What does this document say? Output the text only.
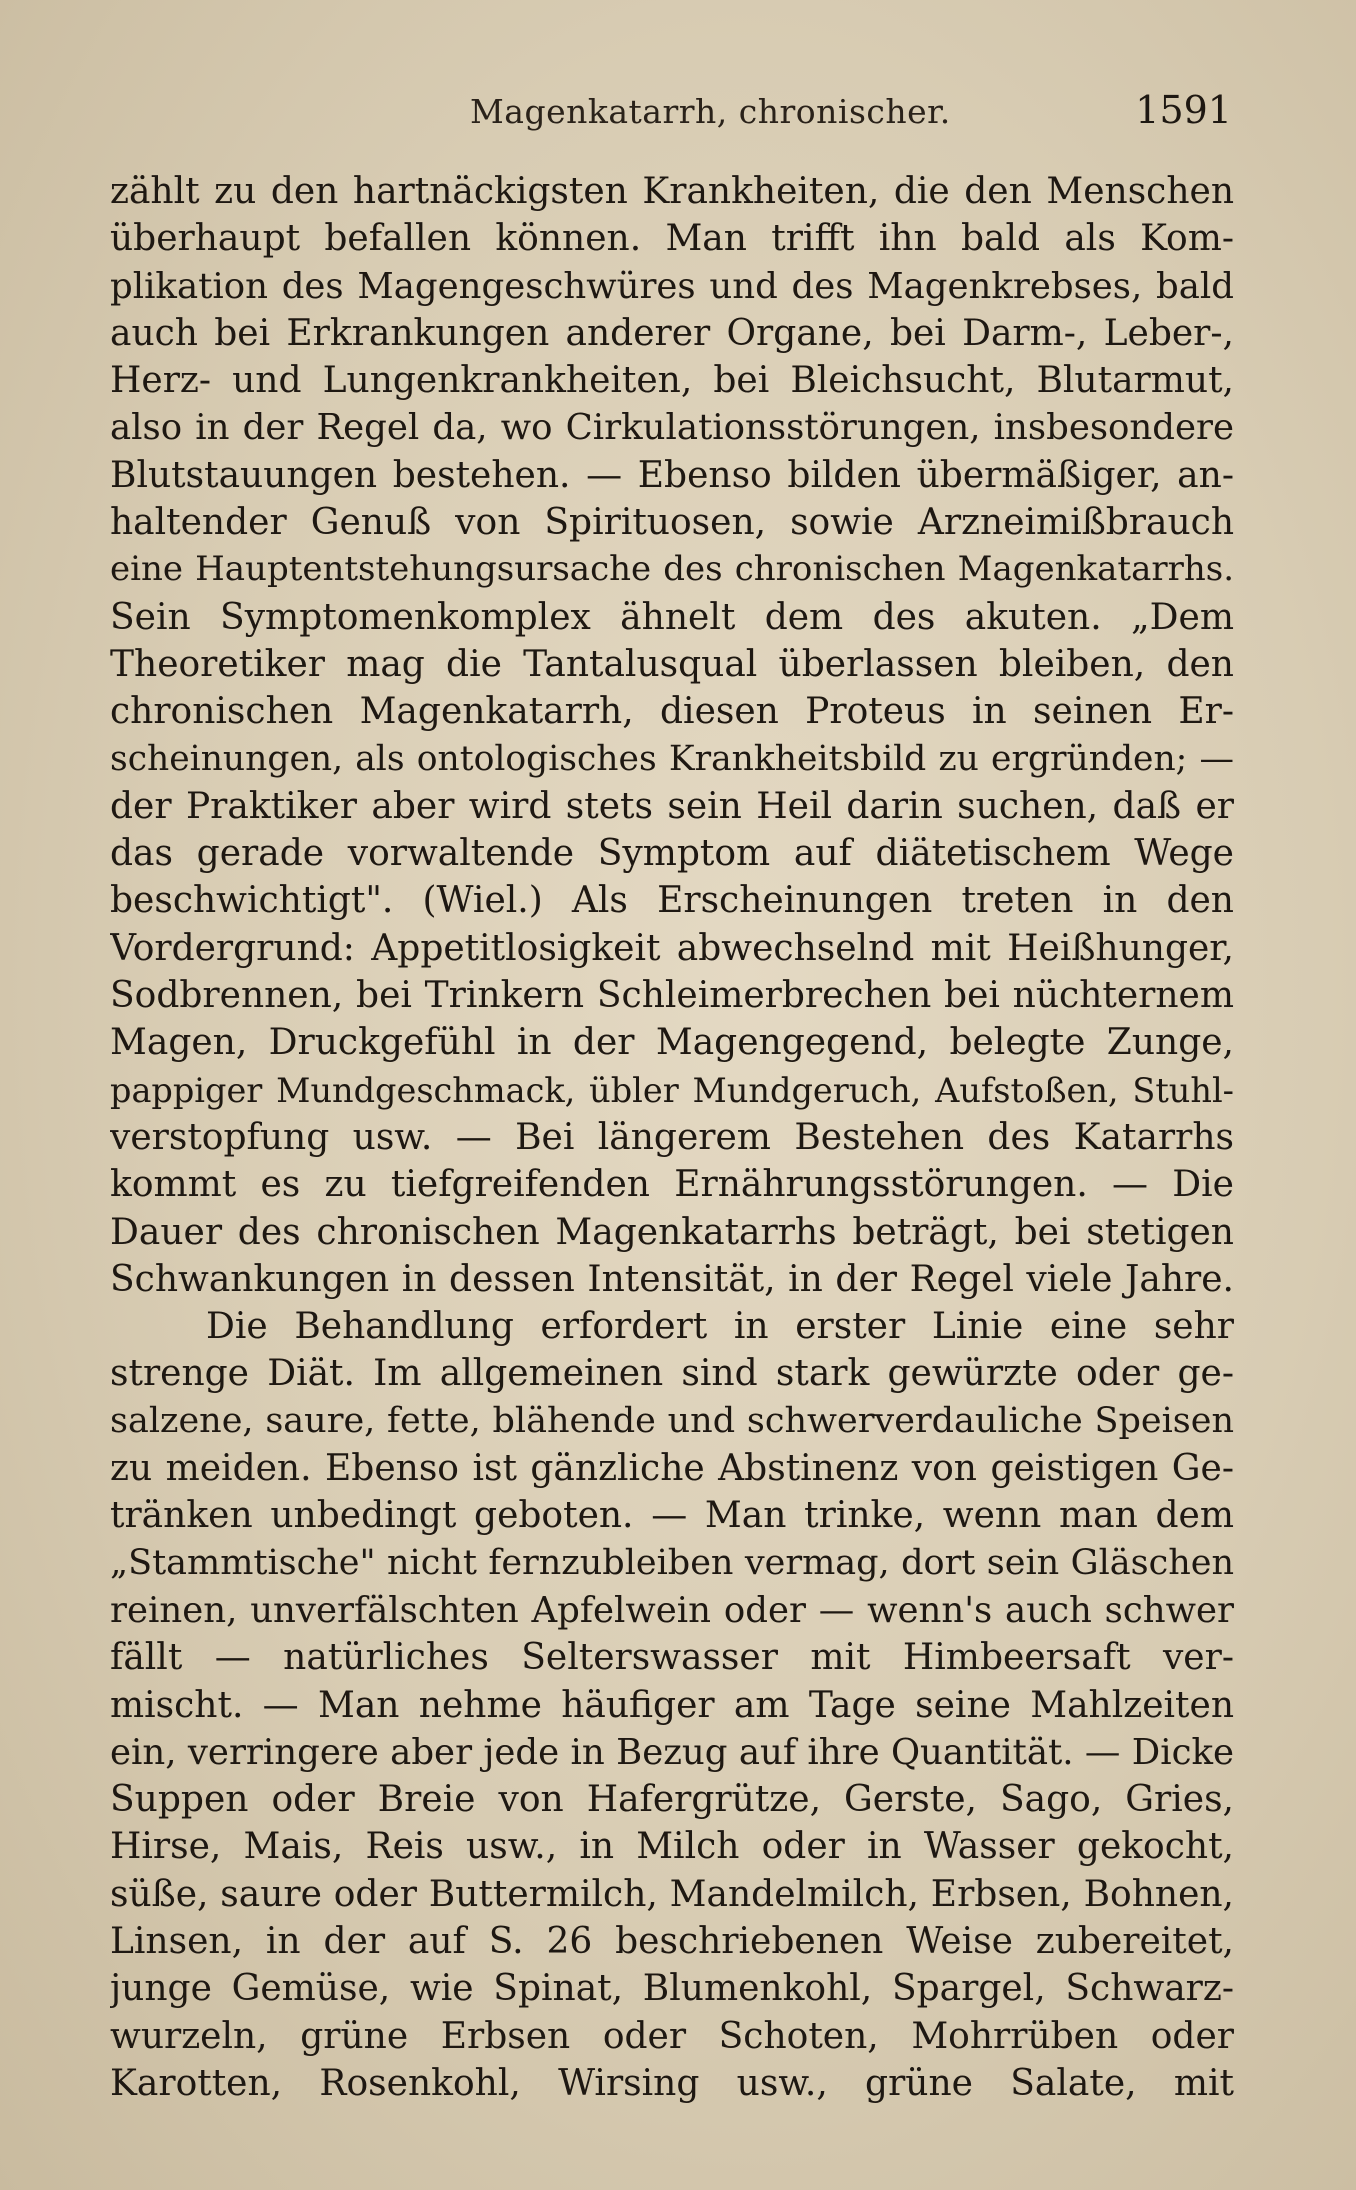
Magenkatarrh, chronischer.	1591
zählt zu den hartnäckigsten Krankheiten, die den Menschen
überhaupt befallen können. Man trifft ihn bald als Kom-
plikation des Magengeschwüres und des Magenkrebses, bald
auch bei Erkrankungen anderer Organe, bei Darm-, Leber-,
Herz- und Lungenkrankheiten, bei Bleichsucht, Blutarmut,
also in der Regel da, wo Cirkulationsstörungen, insbesondere
Blutstauungen bestehen. — Ebenso bilden übermäßiger, an-
haltender Genuß von Spirituosen, sowie Arzneimißbrauch
eine Hauptentstehungsursache des chronischen Magenkatarrhs.
Sein Symptomenkomplex ähnelt dem des akuten. „Dem
Theoretiker mag die Tantalusqual überlassen bleiben, den
chronischen Magenkatarrh, diesen Proteus in seinen Er-
scheinungen, als ontologisches Krankheitsbild zu ergründen; —
der Praktiker aber wird stets sein Heil darin suchen, daß er
das gerade vorwaltende Symptom auf diätetischem Wege
beschwichtigt". (Wiel.) Als Erscheinungen treten in den
Vordergrund: Appetitlosigkeit abwechselnd mit Heißhunger,
Sodbrennen, bei Trinkern Schleimerbrechen bei nüchternem
Magen, Druckgefühl in der Magengegend, belegte Zunge,
pappiger Mundgeschmack, übler Mundgeruch, Aufstoßen, Stuhl-
verstopfung usw. — Bei längerem Bestehen des Katarrhs
kommt es zu tiefgreifenden Ernährungsstörungen. — Die
Dauer des chronischen Magenkatarrhs beträgt, bei stetigen
Schwankungen in dessen Intensität, in der Regel viele Jahre.
Die Behandlung erfordert in erster Linie eine sehr
strenge Diät. Im allgemeinen sind stark gewürzte oder ge-
salzene, saure, fette, blähende und schwerverdauliche Speisen
zu meiden. Ebenso ist gänzliche Abstinenz von geistigen Ge-
tränken unbedingt geboten. — Man trinke, wenn man dem
„Stammtische" nicht fernzubleiben vermag, dort sein Gläschen
reinen, unverfälschten Apfelwein oder — wenn's auch schwer
fällt — natürliches Selterswasser mit Himbeersaft ver-
mischt. — Man nehme häufiger am Tage seine Mahlzeiten
ein, verringere aber jede in Bezug auf ihre Quantität. — Dicke
Suppen oder Breie von Hafergrütze, Gerste, Sago, Gries,
Hirse, Mais, Reis usw., in Milch oder in Wasser gekocht,
süße, saure oder Buttermilch, Mandelmilch, Erbsen, Bohnen,
Linsen, in der auf S. 26 beschriebenen Weise zubereitet,
junge Gemüse, wie Spinat, Blumenkohl, Spargel, Schwarz-
wurzeln, grüne Erbsen oder Schoten, Mohrrüben oder
Karotten, Rosenkohl, Wirsing usw., grüne Salate, mit
